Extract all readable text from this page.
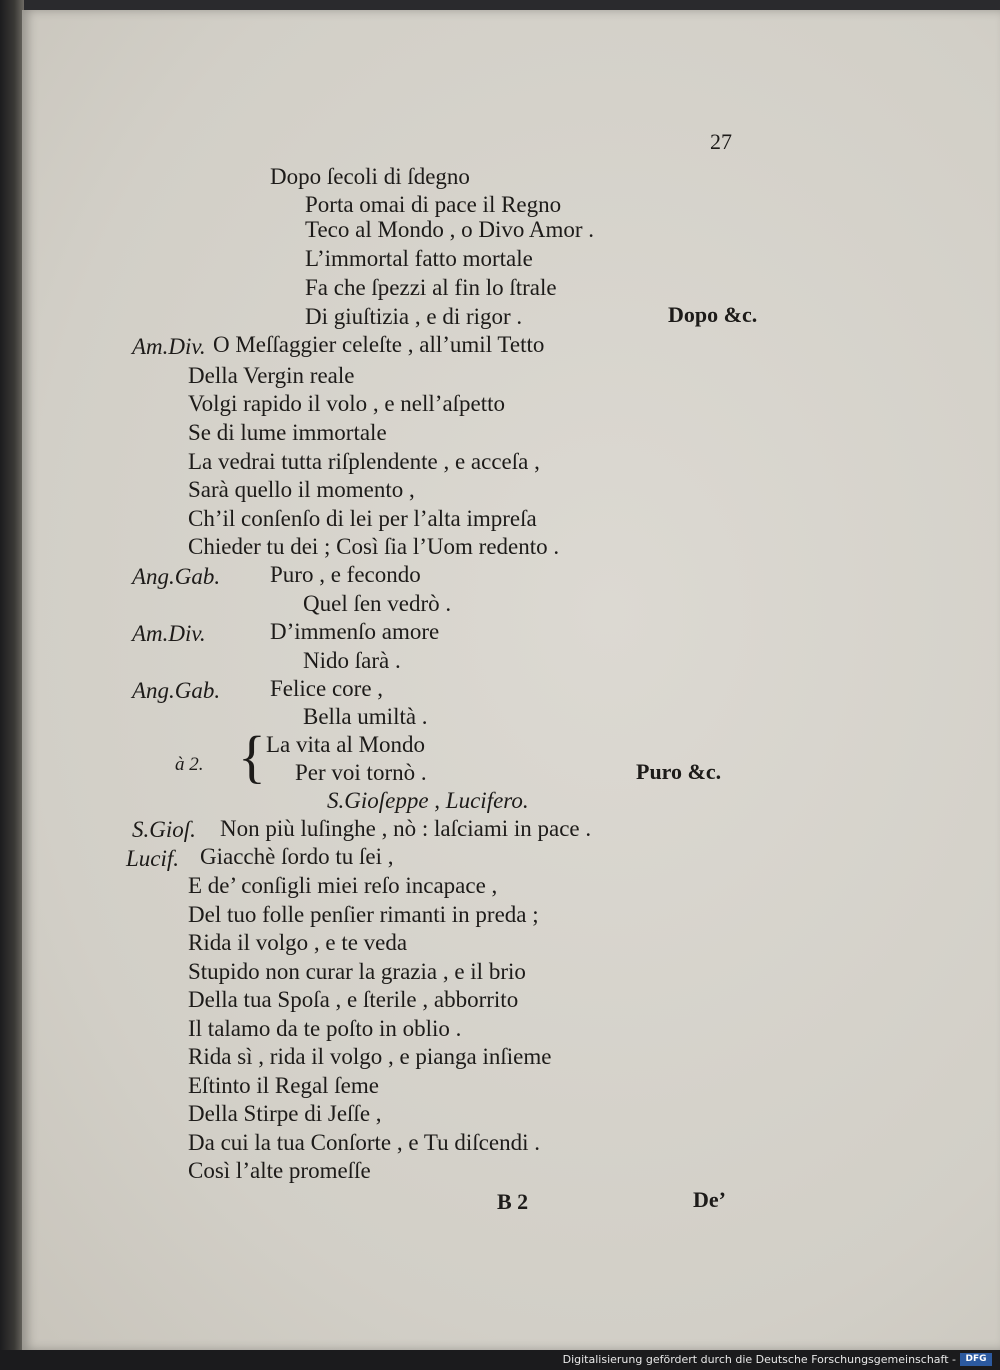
27
Dopo ſecoli di ſdegno
Porta omai di pace il Regno
Teco al Mondo , o Divo Amor .
L’immortal fatto mortale
Fa che ſpezzi al fin lo ſtrale
Di giuſtizia , e di rigor .	Dopo &c.
Am.Div. O Meſſaggier celeſte , all’umil Tetto
Della Vergin reale
Volgi rapido il volo , e nell’aſpetto
Se di lume immortale
La vedrai tutta riſplendente , e acceſa ,
Sarà quello il momento ,
Ch’il conſenſo di lei per l’alta impreſa
Chieder tu dei ; Così ſia l’Uom redento .
Ang.Gab. Puro , e fecondo
Quel ſen vedrò .
Am.Div.	D’immenſo amore
Nido ſarà .
Ang.Gab. Felice core ,
Bella umiltà .
à 2. { La vita al Mondo
Per voi tornò .	Puro &c.
S.Gioſeppe , Lucifero.
S.Gioſ. Non più luſinghe , nò : laſciami in pace .
Lucif. Giacchè ſordo tu ſei ,
E de’ conſigli miei reſo incapace ,
Del tuo folle penſier rimanti in preda ;
Rida il volgo , e te veda
Stupido non curar la grazia , e il brio
Della tua Spoſa , e ſterile , abborrito
Il talamo da te poſto in oblio .
Rida sì , rida il volgo , e pianga inſieme
Eſtinto il Regal ſeme
Della Stirpe di Jeſſe ,
Da cui la tua Conſorte , e Tu diſcendi .
Così l’alte promeſſe
B 2	De’
Digitalisierung gefördert durch die Deutsche Forschungsgemeinschaft -	DFG
